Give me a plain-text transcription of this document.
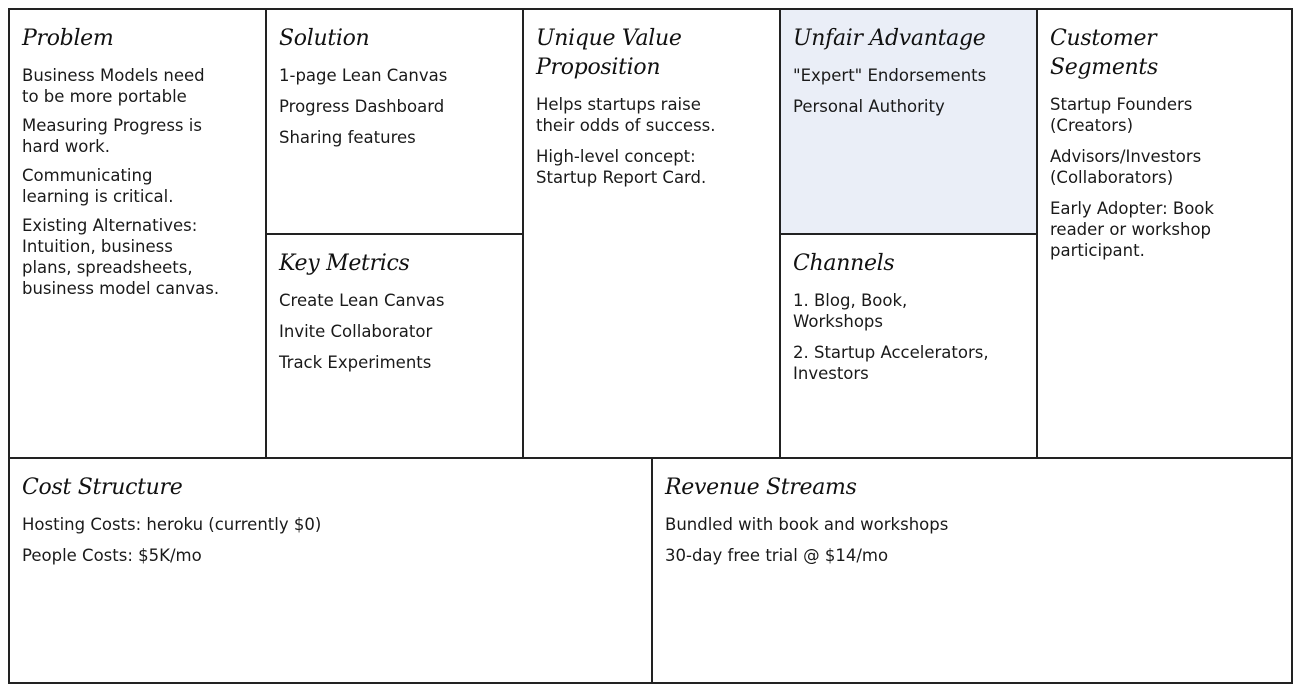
Problem
Business Models need
to be more portable
Measuring Progress is
hard work.
Communicating
learning is critical.
Existing Alternatives:
Intuition, business
plans, spreadsheets,
business model canvas.
Solution
1-page Lean Canvas
Progress Dashboard
Sharing features
Key Metrics
Create Lean Canvas
Invite Collaborator
Track Experiments
Unique Value
Proposition
Helps startups raise
their odds of success.
High-level concept:
Startup Report Card.
Unfair Advantage
"Expert" Endorsements
Personal Authority
Channels
1. Blog, Book,
Workshops
2. Startup Accelerators,
Investors
Customer
Segments
Startup Founders
(Creators)
Advisors/Investors
(Collaborators)
Early Adopter: Book
reader or workshop
participant.
Cost Structure
Hosting Costs: heroku (currently $0)
People Costs: $5K/mo
Revenue Streams
Bundled with book and workshops
30-day free trial @ $14/mo
